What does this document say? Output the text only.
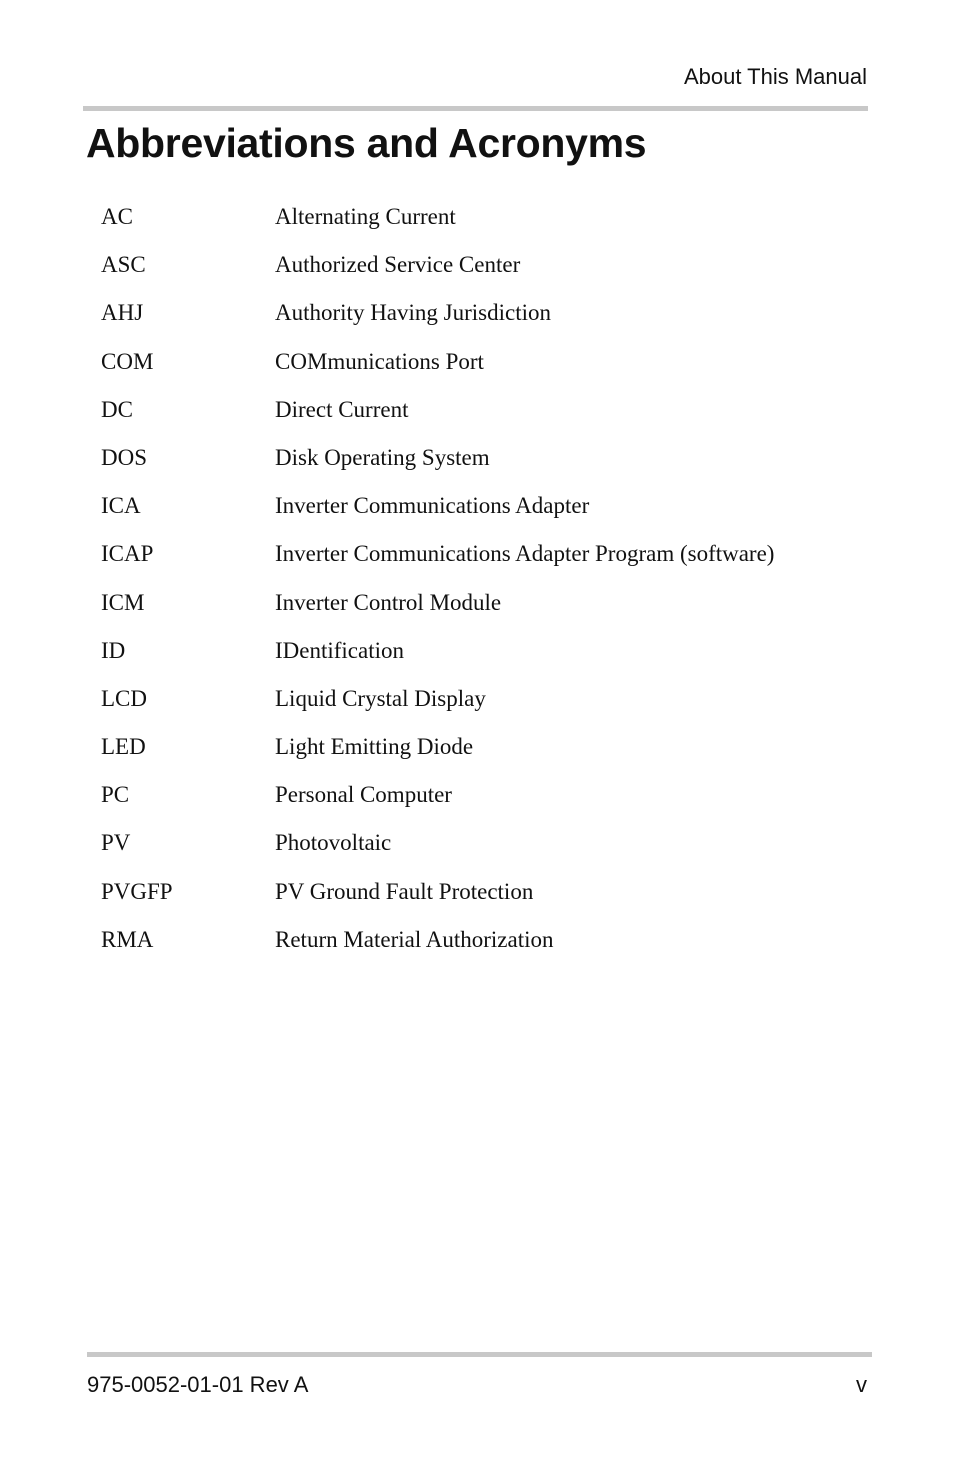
About This Manual
Abbreviations and Acronyms
AC	Alternating Current
ASC	Authorized Service Center
AHJ	Authority Having Jurisdiction
COM	COMmunications Port
DC	Direct Current
DOS	Disk Operating System
ICA	Inverter Communications Adapter
ICAP	Inverter Communications Adapter Program (software)
ICM	Inverter Control Module
ID	IDentification
LCD	Liquid Crystal Display
LED	Light Emitting Diode
PC	Personal Computer
PV	Photovoltaic
PVGFP	PV Ground Fault Protection
RMA	Return Material Authorization
975-0052-01-01 Rev A	v
